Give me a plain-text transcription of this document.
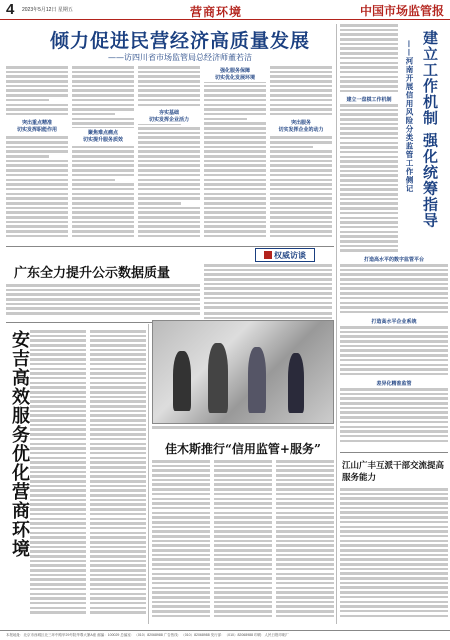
4 2023年5月12日 星期五	营商环境	中国市场监管报
倾力促进民营经济高质量发展
——访四川省市场监管局总经济师董若洁
突出重点精准
切实发挥职能作用	聚焦难点痛点
切实提升服务质效
夯实基础
切实发挥企业活力
强化服务保障
切实优化发展环境
突出服务
切实发挥企业的动力	建立工作机制 强化统筹指导
——河南开展信用风险分类监管工作侧记
建立一盘棋工作机制
打造高水平的数字监管平台
打造高水平企业系统
差异化精准监管
权威访谈
广东全力提升公示数据质量
安吉高效服务优化营商环境	佳木斯推行“信用监管+服务”
江山广丰互派干部交流提高服务能力
本报地址：北京市西城区北三环中路甲29号院华尊大厦A座 邮编：100029 总编室：（010）82068988 广告热线：（010）82068988 发行部：（010）82068988 印刷：人民日报印刷厂
